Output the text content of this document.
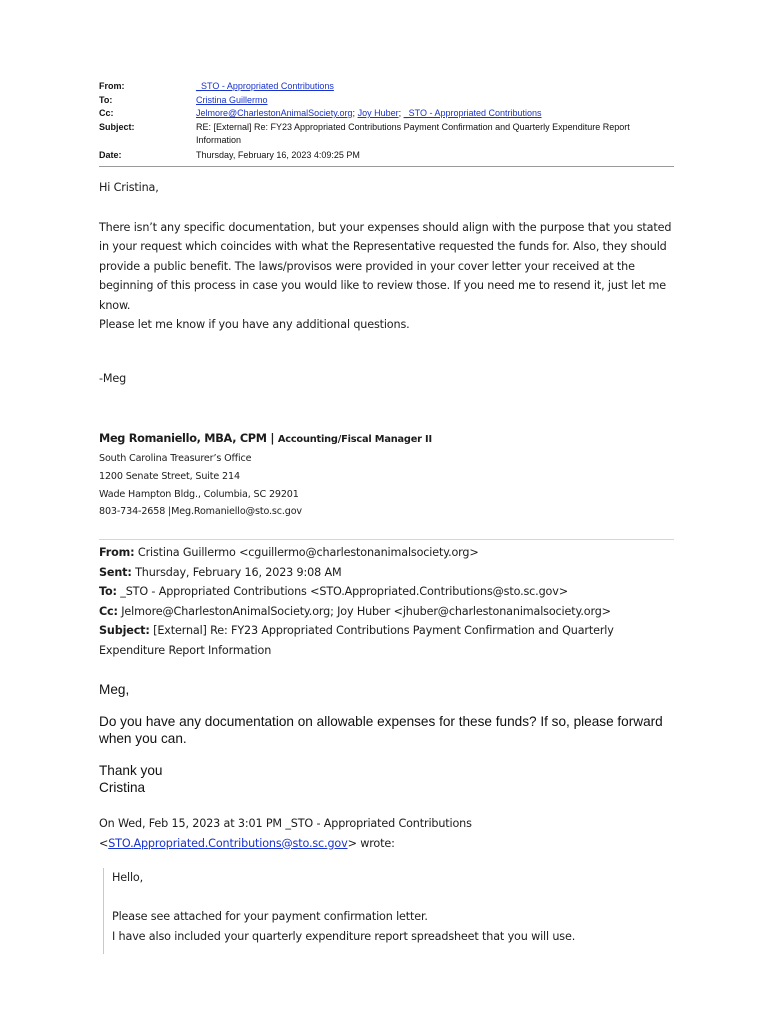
From:	_STO - Appropriated Contributions
To:	Cristina Guillermo
Cc:	Jelmore@CharlestonAnimalSociety.org; Joy Huber; _STO - Appropriated Contributions
Subject:	RE: [External] Re: FY23 Appropriated Contributions Payment Confirmation and Quarterly Expenditure Report Information
Date:	Thursday, February 16, 2023 4:09:25 PM

Hi Cristina,

There isn’t any specific documentation, but your expenses should align with the purpose that you stated in your request which coincides with what the Representative requested the funds for. Also, they should provide a public benefit. The laws/provisos were provided in your cover letter your received at the beginning of this process in case you would like to review those. If you need me to resend it, just let me know.

Please let me know if you have any additional questions.

-Meg
Meg Romaniello, MBA, CPM | Accounting/Fiscal Manager II
South Carolina Treasurer’s Office
1200 Senate Street, Suite 214
Wade Hampton Bldg., Columbia, SC 29201
803-734-2658 |Meg.Romaniello@sto.sc.gov
From: Cristina Guillermo <cguillermo@charlestonanimalsociety.org>
Sent: Thursday, February 16, 2023 9:08 AM
To: _STO - Appropriated Contributions <STO.Appropriated.Contributions@sto.sc.gov>
Cc: Jelmore@CharlestonAnimalSociety.org; Joy Huber <jhuber@charlestonanimalsociety.org>
Subject: [External] Re: FY23 Appropriated Contributions Payment Confirmation and Quarterly Expenditure Report Information
Meg,
Do you have any documentation on allowable expenses for these funds? If so, please forward when you can.
Thank you
Cristina
On Wed, Feb 15, 2023 at 3:01 PM _STO - Appropriated Contributions <STO.Appropriated.Contributions@sto.sc.gov> wrote:

Hello,

Please see attached for your payment confirmation letter.

I have also included your quarterly expenditure report spreadsheet that you will use.
